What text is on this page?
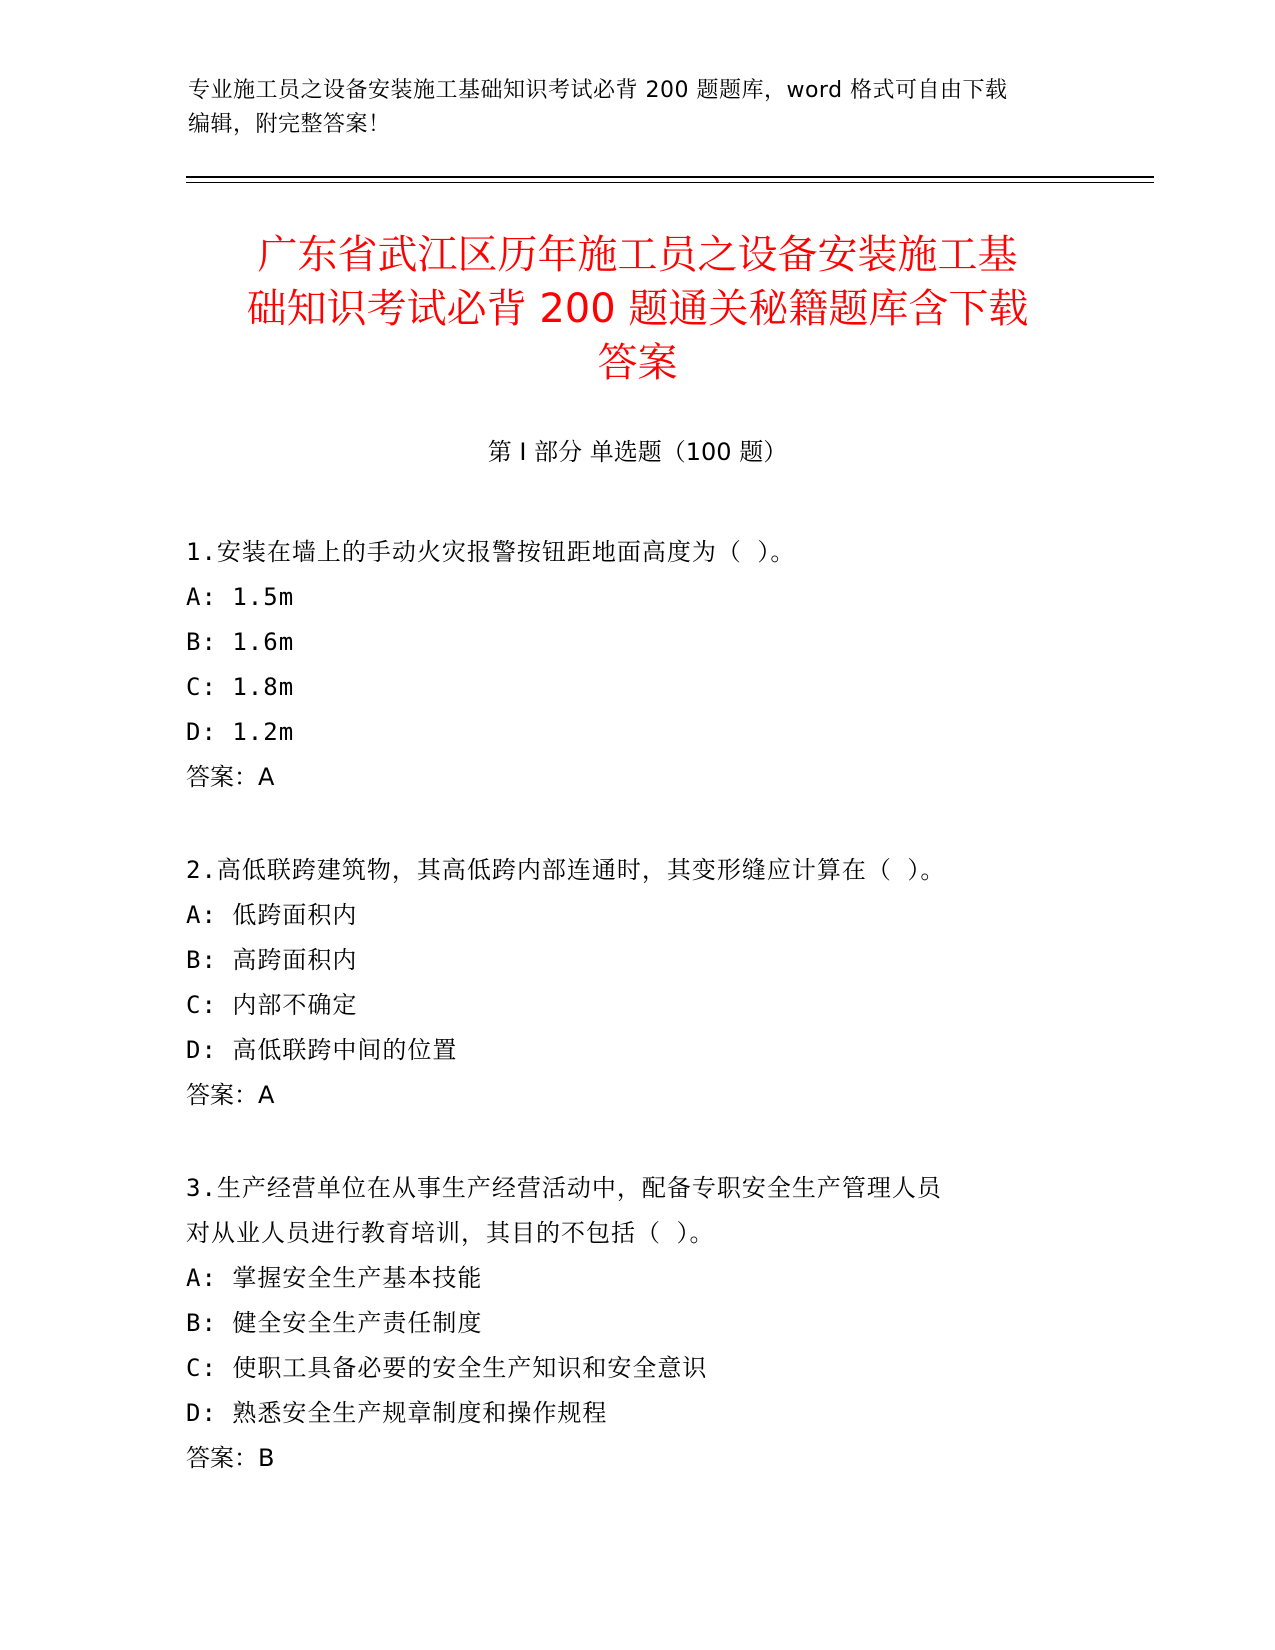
专业施工员之设备安装施工基础知识考试必背 200 题题库，word 格式可自由下载
编辑，附完整答案！
广东省武江区历年施工员之设备安装施工基
础知识考试必背 200 题通关秘籍题库含下载
答案
第 I 部分 单选题（100 题）
1.安装在墙上的手动火灾报警按钮距地面高度为（ ）。
A: 1.5m
B: 1.6m
C: 1.8m
D: 1.2m
答案：A
2.高低联跨建筑物，其高低跨内部连通时，其变形缝应计算在（ ）。
A: 低跨面积内
B: 高跨面积内
C: 内部不确定
D: 高低联跨中间的位置
答案：A
3.生产经营单位在从事生产经营活动中，配备专职安全生产管理人员
对从业人员进行教育培训，其目的不包括（ ）。
A: 掌握安全生产基本技能
B: 健全安全生产责任制度
C: 使职工具备必要的安全生产知识和安全意识
D: 熟悉安全生产规章制度和操作规程
答案：B
